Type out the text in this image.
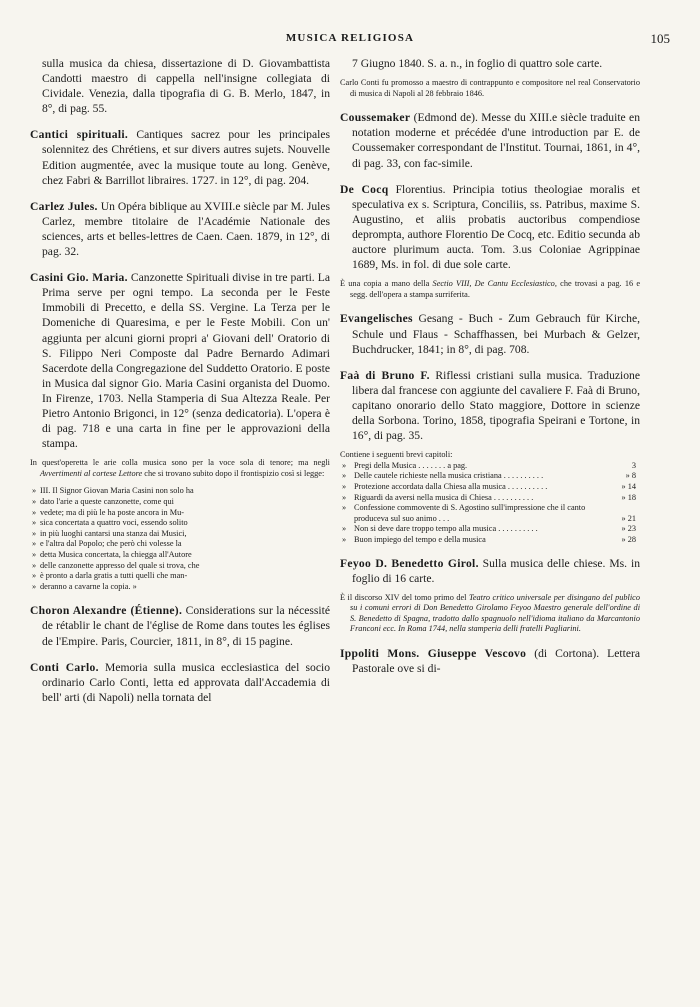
MUSICA RELIGIOSA	105

sulla musica da chiesa, dissertazione di D. Giovambattista Candotti maestro di cappella nell'insigne collegiata di Cividale. Venezia, dalla tipografia di G. B. Merlo, 1847, in 8°, di pag. 55.

Cantici spirituali. Cantiques sacrez pour les principales solennitez des Chrétiens, et sur divers autres sujets. Nouvelle Edition augmentée, avec la musique toute au long. Genève, chez Fabri & Barrillot libraires. 1727. in 12°, di pag. 204.

Carlez Jules. Un Opéra biblique au XVIII.e siècle par M. Jules Carlez, membre titolaire de l'Académie Nationale des sciences, arts et belles-lettres de Caen. Caen. 1879, in 12°, di pag. 32.

Casini Gio. Maria. Canzonette Spirituali divise in tre parti. La Prima serve per ogni tempo. La seconda per le Feste Immobili di Precetto, e della SS. Vergine. La Terza per le Domeniche di Quaresima, e per le Feste Mobili. Con un' aggiunta per alcuni giorni propri a' Giovani dell' Oratorio di S. Filippo Neri Composte dal Padre Bernardo Adimari Sacerdote della Congregazione del Suddetto Oratorio. E poste in Musica dal signor Gio. Maria Casini organista del Duomo. In Firenze, 1703. Nella Stamperia di Sua Altezza Reale. Per Pietro Antonio Brigonci, in 12° (senza dedicatoria). L'opera è di pag. 718 e una carta in fine per le approvazioni della stampa.

In quest'operetta le arie colla musica sono per la voce sola di tenore; ma negli Avvertimenti al cortese Lettore che si trovano subito dopo il frontispizio così si legge:

» III. Il Signor Giovan Maria Casini non solo ha
» dato l'arie a queste canzonette, come qui
» vedete; ma di più le ha poste ancora in Mu-
» sica concertata a quattro voci, essendo solito
» in più luoghi cantarsi una stanza dai Musici,
» e l'altra dal Popolo; che però chi volesse la
» detta Musica concertata, la chiegga all'Autore
» delle canzonette appresso del quale si trova, che
» è pronto a darla gratis a tutti quelli che man-
» deranno a cavarne la copia. »

Choron Alexandre (Étienne). Considerations sur la nécessité de rétablir le chant de l'église de Rome dans toutes les églises de l'Empire. Paris, Courcier, 1811, in 8°, di 15 pagine.

Conti Carlo. Memoria sulla musica ecclesiastica del socio ordinario Carlo Conti, letta ed approvata dall'Accademia di bell' arti (di Napoli) nella tornata del

7 Giugno 1840. S. a. n., in foglio di quattro sole carte.

Carlo Conti fu promosso a maestro di contrappunto e compositore nel real Conservatorio di musica di Napoli al 28 febbraio 1846.

Coussemaker (Edmond de). Messe du XIII.e siècle traduite en notation moderne et précédée d'une introduction par E. de Coussemaker correspondant de l'Institut. Tournai, 1861, in 4°, di pag. 33, con fac-simile.

De Cocq Florentius. Principia totius theologiae moralis et speculativa ex s. Scriptura, Conciliis, ss. Patribus, maxime S. Augustino, et aliis probatis auctoribus compendiose deprompta, authore Florentio De Cocq, etc. Editio secunda ab auctore plurimum aucta. Tom. 3.us Coloniae Agrippinae 1689, Ms. in fol. di due sole carte.

È una copia a mano della Sectio VIII, De Cantu Ecclesiastico, che trovasi a pag. 16 e segg. dell'opera a stampa surriferita.

Evangelisches Gesang - Buch - Zum Gebrauch für Kirche, Schule und Flaus - Schaffhassen, bei Murbach & Gelzer, Buchdrucker, 1841; in 8°, di pag. 708.

Faà di Bruno F. Riflessi cristiani sulla musica. Traduzione libera dal francese con aggiunte del cavaliere F. Faà di Bruno, capitano onorario dello Stato maggiore, Dottore in scienze della Sorbona. Torino, 1858, tipografia Speirani e Tortone, in 16°, di pag. 35.

Contiene i seguenti brevi capitoli:
» Pregi della Musica . . . . . . . a pag.	3
» Delle cautele richieste nella musica cristiana . . . . . . . . . .	» 8
» Protezione accordata dalla Chiesa alla musica . . . . . . . . . .	» 14
» Riguardi da aversi nella musica di Chiesa . . . . . . . . . .	» 18
» Confessione commovente di S. Agostino sull'impressione che il canto produceva sul suo animo . . .	» 21
» Non si deve dare troppo tempo alla musica . . . . . . . . . .	» 23
» Buon impiego del tempo e della musica	» 28

Feyoo D. Benedetto Girol. Sulla musica delle chiese. Ms. in foglio di 16 carte.

È il discorso XIV del tomo primo del Teatro critico universale per disingano del publico su i comuni errori di Don Benedetto Girolamo Feyoo Maestro generale dell'ordine di S. Benedetto di Spagna, tradotto dallo spagnuolo nell'idioma italiano da Marcantonio Franconi ecc. In Roma 1744, nella stamperia delli fratelli Pagliarini.

Ippoliti Mons. Giuseppe Vescovo (di Cortona). Lettera Pastorale ove si di-
